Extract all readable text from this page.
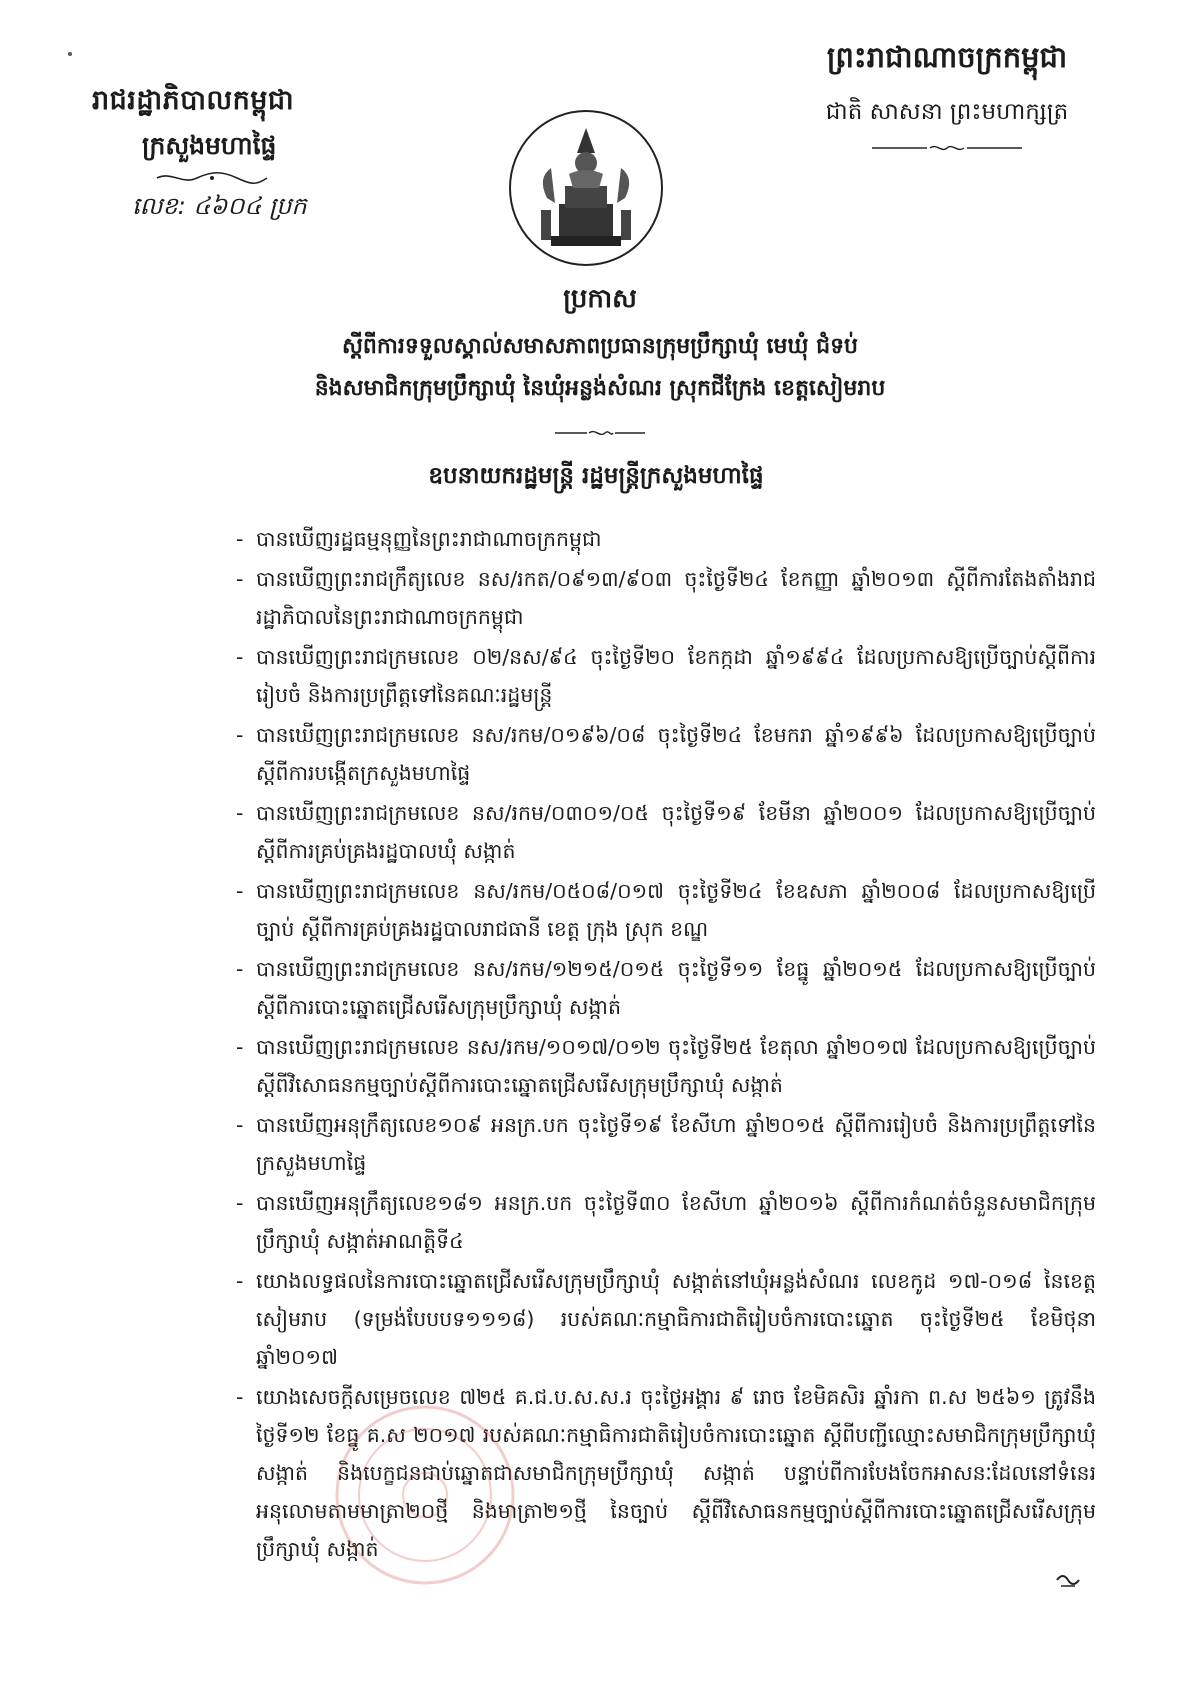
រាជរដ្ឋាភិបាលកម្ពុជា
ក្រសួងមហាផ្ទៃ
លេខ: ៤៦០៤ ប្រក
ព្រះរាជាណាចក្រកម្ពុជា
ជាតិ សាសនា ព្រះមហាក្សត្រ
ប្រកាស
ស្តីពីការទទួលស្គាល់សមាសភាពប្រធានក្រុមប្រឹក្សាឃុំ មេឃុំ ជំទប់
និងសមាជិកក្រុមប្រឹក្សាឃុំ នៃឃុំអន្លង់សំណរ ស្រុកជីក្រែង ខេត្តសៀមរាប
ឧបនាយករដ្ឋមន្ត្រី រដ្ឋមន្ត្រីក្រសួងមហាផ្ទៃ
- បានឃើញរដ្ឋធម្មនុញ្ញនៃព្រះរាជាណាចក្រកម្ពុជា
- បានឃើញព្រះរាជក្រឹត្យលេខ នស/រកត/០៩១៣/៩០៣ ចុះថ្ងៃទី២៤ ខែកញ្ញា ឆ្នាំ២០១៣ ស្តីពីការតែងតាំងរាជរដ្ឋាភិបាលនៃព្រះរាជាណាចក្រកម្ពុជា
- បានឃើញព្រះរាជក្រមលេខ ០២/នស/៩៤ ចុះថ្ងៃទី២០ ខែកក្កដា ឆ្នាំ១៩៩៤ ដែលប្រកាសឱ្យប្រើច្បាប់ស្តីពីការរៀបចំ និងការប្រព្រឹត្តទៅនៃគណៈរដ្ឋមន្ត្រី
- បានឃើញព្រះរាជក្រមលេខ នស/រកម/០១៩៦/០៨ ចុះថ្ងៃទី២៤ ខែមករា ឆ្នាំ១៩៩៦ ដែលប្រកាសឱ្យប្រើច្បាប់ ស្តីពីការបង្កើតក្រសួងមហាផ្ទៃ
- បានឃើញព្រះរាជក្រមលេខ នស/រកម/០៣០១/០៥ ចុះថ្ងៃទី១៩ ខែមីនា ឆ្នាំ២០០១ ដែលប្រកាសឱ្យប្រើច្បាប់ ស្តីពីការគ្រប់គ្រងរដ្ឋបាលឃុំ សង្កាត់
- បានឃើញព្រះរាជក្រមលេខ នស/រកម/០៥០៨/០១៧ ចុះថ្ងៃទី២៤ ខែឧសភា ឆ្នាំ២០០៨ ដែលប្រកាសឱ្យប្រើច្បាប់ ស្តីពីការគ្រប់គ្រងរដ្ឋបាលរាជធានី ខេត្ត ក្រុង ស្រុក ខណ្ឌ
- បានឃើញព្រះរាជក្រមលេខ នស/រកម/១២១៥/០១៥ ចុះថ្ងៃទី១១ ខែធ្នូ ឆ្នាំ២០១៥ ដែលប្រកាសឱ្យប្រើច្បាប់ ស្តីពីការបោះឆ្នោតជ្រើសរើសក្រុមប្រឹក្សាឃុំ សង្កាត់
- បានឃើញព្រះរាជក្រមលេខ នស/រកម/១០១៧/០១២ ចុះថ្ងៃទី២៥ ខែតុលា ឆ្នាំ២០១៧ ដែលប្រកាសឱ្យប្រើច្បាប់ ស្តីពីវិសោធនកម្មច្បាប់ស្តីពីការបោះឆ្នោតជ្រើសរើសក្រុមប្រឹក្សាឃុំ សង្កាត់
- បានឃើញអនុក្រឹត្យលេខ១០៩ អនក្រ.បក ចុះថ្ងៃទី១៩ ខែសីហា ឆ្នាំ២០១៥ ស្តីពីការរៀបចំ និងការប្រព្រឹត្តទៅនៃក្រសួងមហាផ្ទៃ
- បានឃើញអនុក្រឹត្យលេខ១៨១ អនក្រ.បក ចុះថ្ងៃទី៣០ ខែសីហា ឆ្នាំ២០១៦ ស្តីពីការកំណត់ចំនួនសមាជិកក្រុមប្រឹក្សាឃុំ សង្កាត់អាណត្តិទី៤
- យោងលទ្ធផលនៃការបោះឆ្នោតជ្រើសរើសក្រុមប្រឹក្សាឃុំ សង្កាត់នៅឃុំអន្លង់សំណរ លេខកូដ ១៧-០១៨ នៃខេត្តសៀមរាប (ទម្រង់បែបបទ១១១៨) របស់គណៈកម្មាធិការជាតិរៀបចំការបោះឆ្នោត ចុះថ្ងៃទី២៥ ខែមិថុនា ឆ្នាំ២០១៧
- យោងសេចក្តីសម្រេចលេខ ៧២៥ គ.ជ.ប.ស.ស.រ ចុះថ្ងៃអង្គារ ៩ រោច ខែមិគសិរ ឆ្នាំរកា ព.ស ២៥៦១ ត្រូវនឹងថ្ងៃទី១២ ខែធ្នូ គ.ស ២០១៧ របស់គណៈកម្មាធិការជាតិរៀបចំការបោះឆ្នោត ស្តីពីបញ្ជីឈ្មោះសមាជិកក្រុមប្រឹក្សាឃុំ សង្កាត់ និងបេក្ខជនជាប់ឆ្នោតជាសមាជិកក្រុមប្រឹក្សាឃុំ សង្កាត់ បន្ទាប់ពីការបែងចែកអាសនៈដែលនៅទំនេរអនុលោមតាមមាត្រា២០ថ្មី និងមាត្រា២១ថ្មី នៃច្បាប់ ស្តីពីវិសោធនកម្មច្បាប់ស្តីពីការបោះឆ្នោតជ្រើសរើសក្រុមប្រឹក្សាឃុំ សង្កាត់
